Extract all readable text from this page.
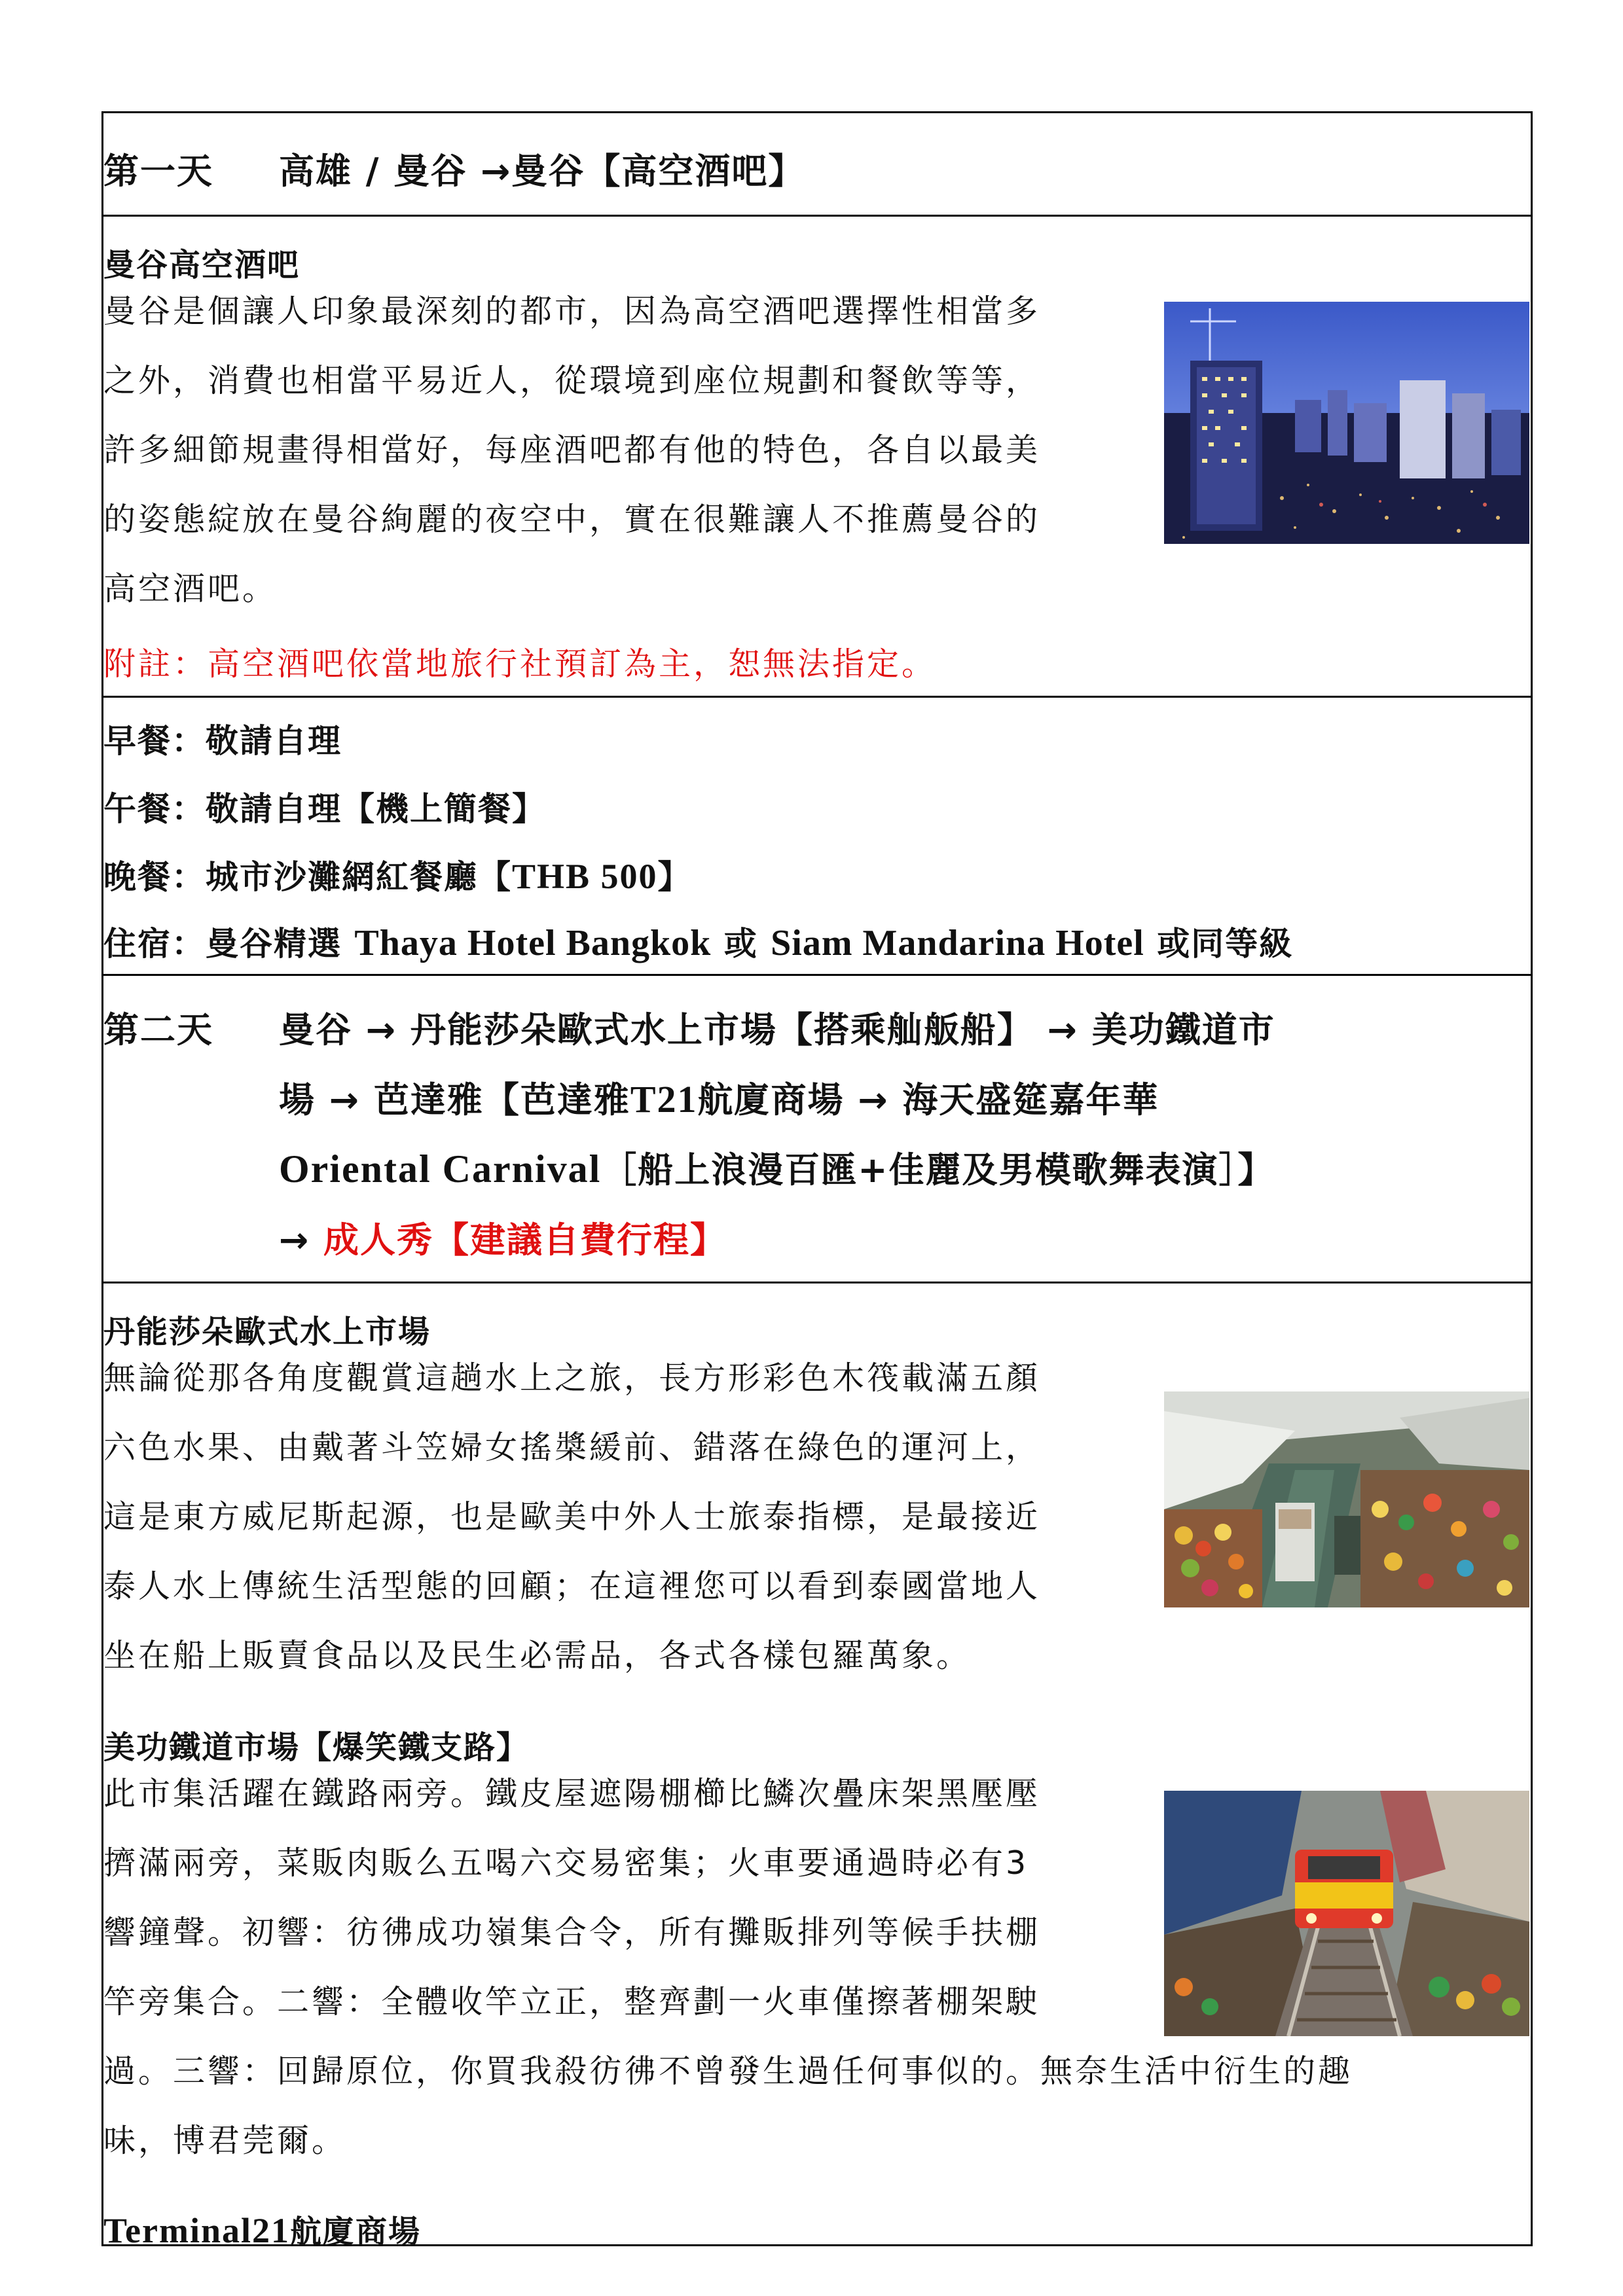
第一天 高雄 / 曼谷 →曼谷【高空酒吧】
曼谷高空酒吧
曼谷是個讓人印象最深刻的都市，因為高空酒吧選擇性相當多
之外，消費也相當平易近人，從環境到座位規劃和餐飲等等，
許多細節規畫得相當好，每座酒吧都有他的特色，各自以最美
的姿態綻放在曼谷絢麗的夜空中，實在很難讓人不推薦曼谷的
高空酒吧。
附註：高空酒吧依當地旅行社預訂為主，恕無法指定。
早餐：敬請自理
午餐：敬請自理【機上簡餐】
晚餐：城市沙灘網紅餐廳【THB 500】
住宿：曼谷精選 Thaya Hotel Bangkok 或 Siam Mandarina Hotel 或同等級
第二天 曼谷 → 丹能莎朵歐式水上市場【搭乘舢舨船】 → 美功鐵道市
場 → 芭達雅【芭達雅T21航廈商場 → 海天盛筵嘉年華
Oriental Carnival［船上浪漫百匯+佳麗及男模歌舞表演］】
→ 成人秀【建議自費行程】
丹能莎朵歐式水上市場
無論從那各角度觀賞這趟水上之旅，長方形彩色木筏載滿五顏
六色水果、由戴著斗笠婦女搖槳緩前、錯落在綠色的運河上，
這是東方威尼斯起源，也是歐美中外人士旅泰指標，是最接近
泰人水上傳統生活型態的回顧；在這裡您可以看到泰國當地人
坐在船上販賣食品以及民生必需品，各式各樣包羅萬象。
美功鐵道市場【爆笑鐵支路】
此市集活躍在鐵路兩旁。鐵皮屋遮陽棚櫛比鱗次疊床架黑壓壓
擠滿兩旁，菜販肉販么五喝六交易密集；火車要通過時必有3
響鐘聲。初響：彷彿成功嶺集合令，所有攤販排列等候手扶棚
竿旁集合。二響：全體收竿立正，整齊劃一火車僅擦著棚架駛
過。三響：回歸原位，你買我殺彷彿不曾發生過任何事似的。無奈生活中衍生的趣
味，博君莞爾。
Terminal21航廈商場
